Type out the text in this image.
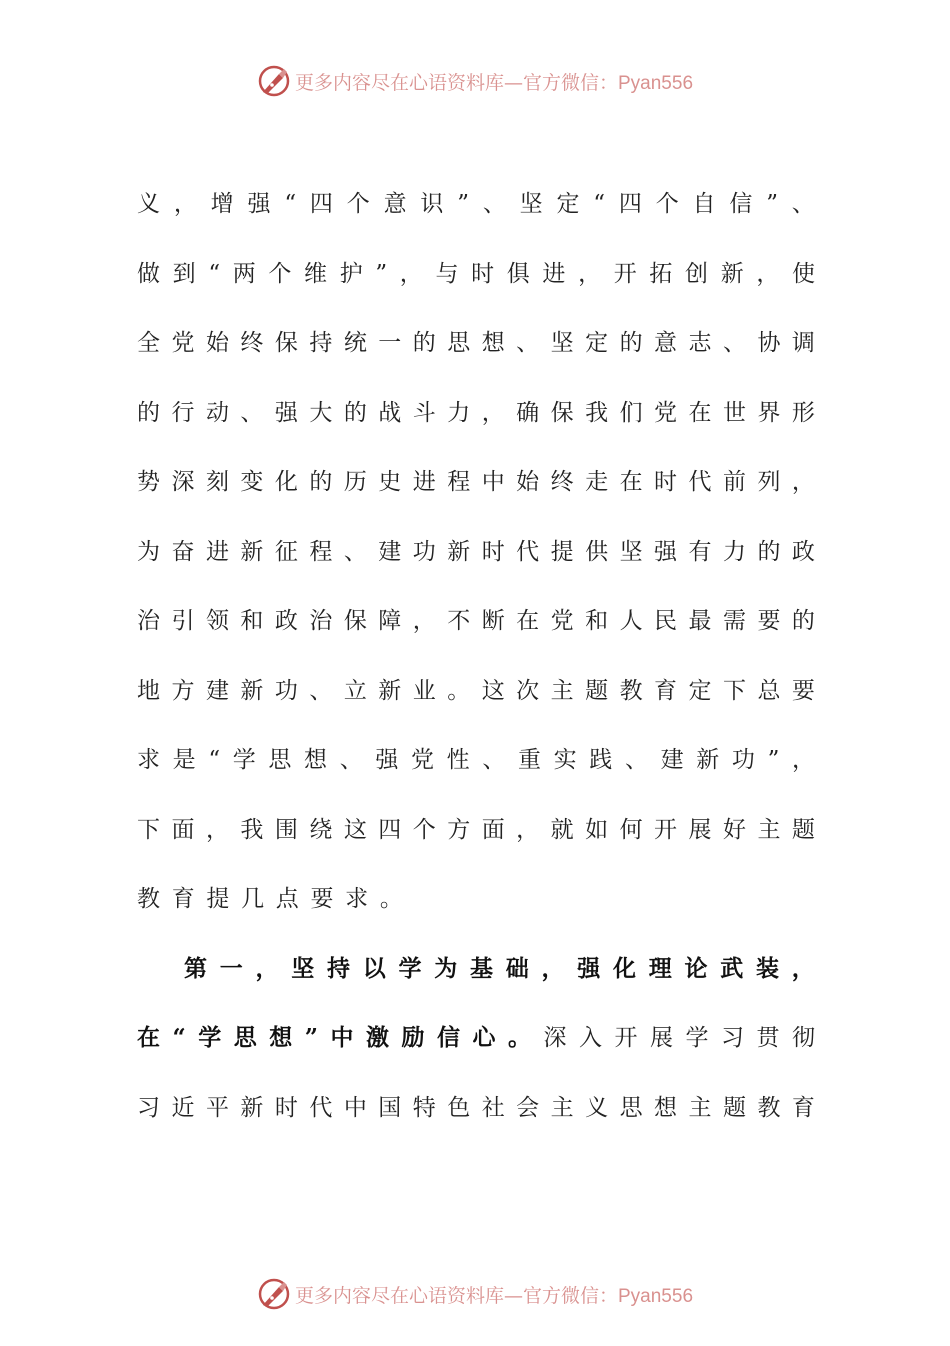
更多内容尽在心语资料库—官方微信：Pyan556
义 ， 增 强 “ 四 个 意 识 ” 、 坚 定 “ 四 个 自 信 ” 、
做 到 “ 两 个 维 护 ” ， 与 时 俱 进 ， 开 拓 创 新 ， 使
全 党 始 终 保 持 统 一 的 思 想 、 坚 定 的 意 志 、 协 调
的 行 动 、 强 大 的 战 斗 力 ， 确 保 我 们 党 在 世 界 形
势 深 刻 变 化 的 历 史 进 程 中 始 终 走 在 时 代 前 列 ，
为 奋 进 新 征 程 、 建 功 新 时 代 提 供 坚 强 有 力 的 政
治 引 领 和 政 治 保 障 ， 不 断 在 党 和 人 民 最 需 要 的
地 方 建 新 功 、 立 新 业 。 这 次 主 题 教 育 定 下 总 要
求 是 “ 学 思 想 、 强 党 性 、 重 实 践 、 建 新 功 ” ，
下 面 ， 我 围 绕 这 四 个 方 面 ， 就 如 何 开 展 好 主 题
教 育 提 几 点 要 求 。
第 一 ， 坚 持 以 学 为 基 础 ， 强 化 理 论 武 装 ，
在 “ 学 思 想 ” 中 激 励 信 心 。 深 入 开 展 学 习 贯 彻
习 近 平 新 时 代 中 国 特 色 社 会 主 义 思 想 主 题 教 育
更多内容尽在心语资料库—官方微信：Pyan556
